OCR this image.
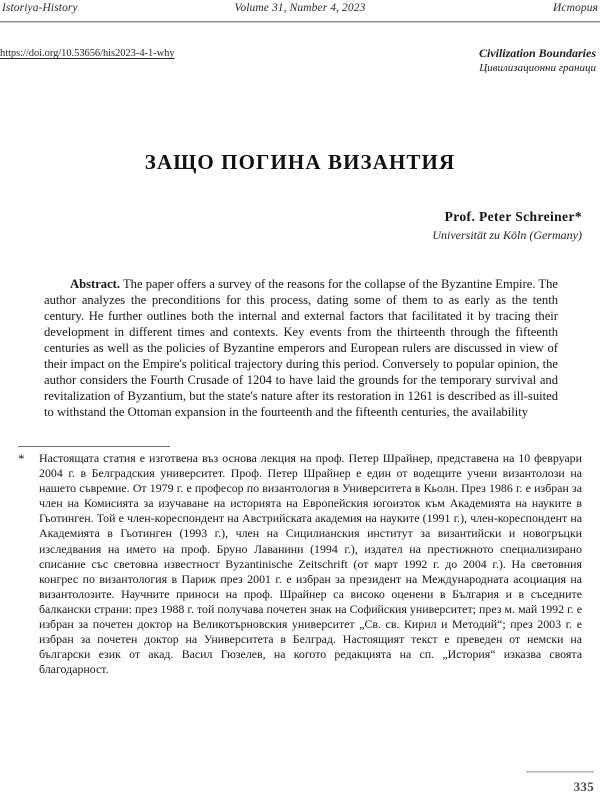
Istoriya-History	Volume 31, Number 4, 2023	История
https://doi.org/10.53656/his2023-4-1-why	Civilization Boundaries
Цивилизационни граници
ЗАЩО ПОГИНА ВИЗАНТИЯ
Prof. Peter Schreiner*
Universität zu Köln (Germany)

Abstract. The paper offers a survey of the reasons for the collapse of the Byzantine Empire. The author analyzes the preconditions for this process, dating some of them to as early as the tenth century. He further outlines both the internal and external factors that facilitated it by tracing their development in different times and contexts. Key events from the thirteenth through the fifteenth centuries as well as the policies of Byzantine emperors and European rulers are discussed in view of their impact on the Empire's political trajectory during this period. Conversely to popular opinion, the author considers the Fourth Crusade of 1204 to have laid the grounds for the temporary survival and revitalization of Byzantium, but the state's nature after its restoration in 1261 is described as ill-suited to withstand the Ottoman expansion in the fourteenth and the fifteenth centuries, the availability

* Настоящата статия е изготвена въз основа лекция на проф. Петер Шрайнер, представена на 10 февруари 2004 г. в Белградския университет. Проф. Петер Шрайнер е един от водещите учени византолози на нашето съвремие. От 1979 г. е професор по византология в Университета в Кьолн. През 1986 г. е избран за член на Комисията за изучаване на историята на Европейския югоизток към Академията на науките в Гьотинген. Той е член-кореспондент на Австрийската академия на науките (1991 г.), член-кореспондент на Академията в Гьотинген (1993 г.), член на Сицилианския институт за византийски и новогръцки изследвания на името на проф. Бруно Лаванини (1994 г.), издател на престижното специализирано списание със световна известност Byzantinische Zeitschrift (от март 1992 г. до 2004 г.). На световния конгрес по византология в Париж през 2001 г. е избран за президент на Международната асоциация на византолозите. Научните приноси на проф. Шрайнер са високо оценени в България и в съседните балкански страни: през 1988 г. той получава почетен знак на Софийския университет; през м. май 1992 г. е избран за почетен доктор на Великотърновския университет „Св. св. Кирил и Методий“; през 2003 г. е избран за почетен доктор на Университета в Белград. Настоящият текст е преведен от немски на български език от акад. Васил Гюзелев, на когото редакцията на сп. „История“ изказва своята благодарност.
335
